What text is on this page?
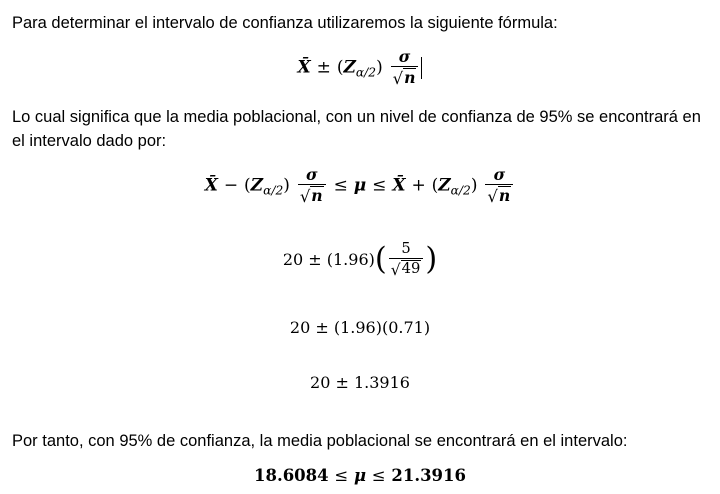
Para determinar el intervalo de confianza utilizaremos la siguiente fórmula:

X̄ ± $(Z_{\alpha/2}) \frac{\sigma}{√ n}$

Lo cual significa que la media poblacional, con un nivel de confianza de 95% se encontrará en el intervalo dado por:

X̄ − $(Z_{\alpha/2}) \frac{\sigma}{√ n} \le \mu$ ≤ X̄ + $(Z_{\alpha/2}) \frac{\sigma}{√ n}$
$20 \pm (1.96)( \frac{5}{√ 49}$ )
20 ± (1.96)(0.71)
20 ± 1.3916

Por tanto, con 95% de confianza, la media poblacional se encontrará en el intervalo:

18.6084 ≤ μ ≤ 21.3916
